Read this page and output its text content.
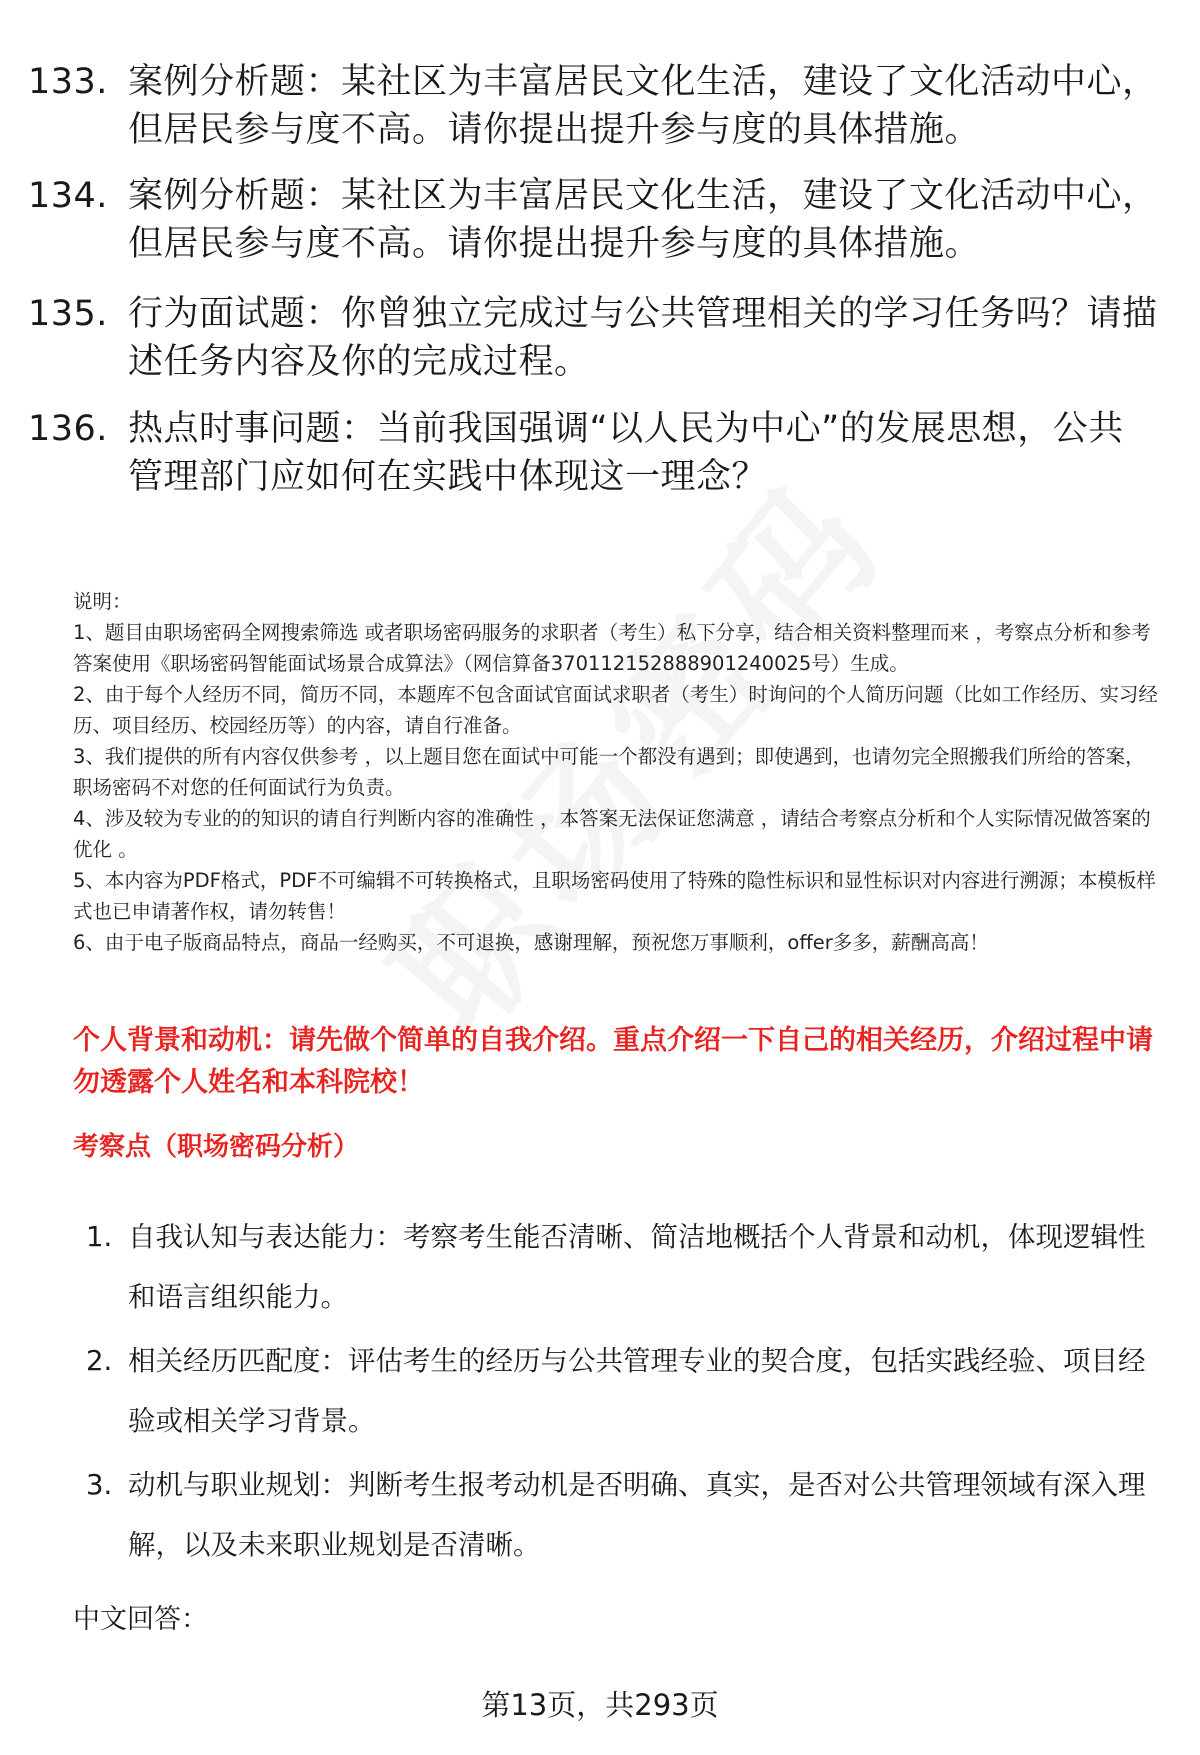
133. 案例分析题：某社区为丰富居民文化生活，建设了文化活动中心，但居民参与度不高。请你提出提升参与度的具体措施。
134. 案例分析题：某社区为丰富居民文化生活，建设了文化活动中心，但居民参与度不高。请你提出提升参与度的具体措施。
135. 行为面试题：你曾独立完成过与公共管理相关的学习任务吗？请描述任务内容及你的完成过程。
136. 热点时事问题：当前我国强调“以人民为中心”的发展思想，公共管理部门应如何在实践中体现这一理念？

说明：

1、题目由职场密码全网搜索筛选 或者职场密码服务的求职者（考生）私下分享，结合相关资料整理而来 ，考察点分析和参考答案使用《职场密码智能面试场景合成算法》（网信算备370112152888901240025号）生成。

2、由于每个人经历不同，简历不同，本题库不包含面试官面试求职者（考生）时询问的个人简历问题（比如工作经历、实习经历、项目经历、校园经历等）的内容，请自行准备。

3、我们提供的所有内容仅供参考 ，以上题目您在面试中可能一个都没有遇到；即使遇到，也请勿完全照搬我们所给的答案，职场密码不对您的任何面试行为负责。

4、涉及较为专业的的知识的请自行判断内容的准确性 ，本答案无法保证您满意 ，请结合考察点分析和个人实际情况做答案的优化 。

5、本内容为PDF格式，PDF不可编辑不可转换格式，且职场密码使用了特殊的隐性标识和显性标识对内容进行溯源；本模板样式也已申请著作权，请勿转售！

6、由于电子版商品特点，商品一经购买，不可退换，感谢理解，预祝您万事顺利，offer多多，薪酬高高！

个人背景和动机：请先做个简单的自我介绍。重点介绍一下自己的相关经历，介绍过程中请勿透露个人姓名和本科院校！
考察点（职场密码分析）
1. 自我认知与表达能力：考察考生能否清晰、简洁地概括个人背景和动机，体现逻辑性和语言组织能力。
2. 相关经历匹配度：评估考生的经历与公共管理专业的契合度，包括实践经验、项目经验或相关学习背景。
3. 动机与职业规划：判断考生报考动机是否明确、真实，是否对公共管理领域有深入理解，以及未来职业规划是否清晰。
中文回答：
第13页，共293页
